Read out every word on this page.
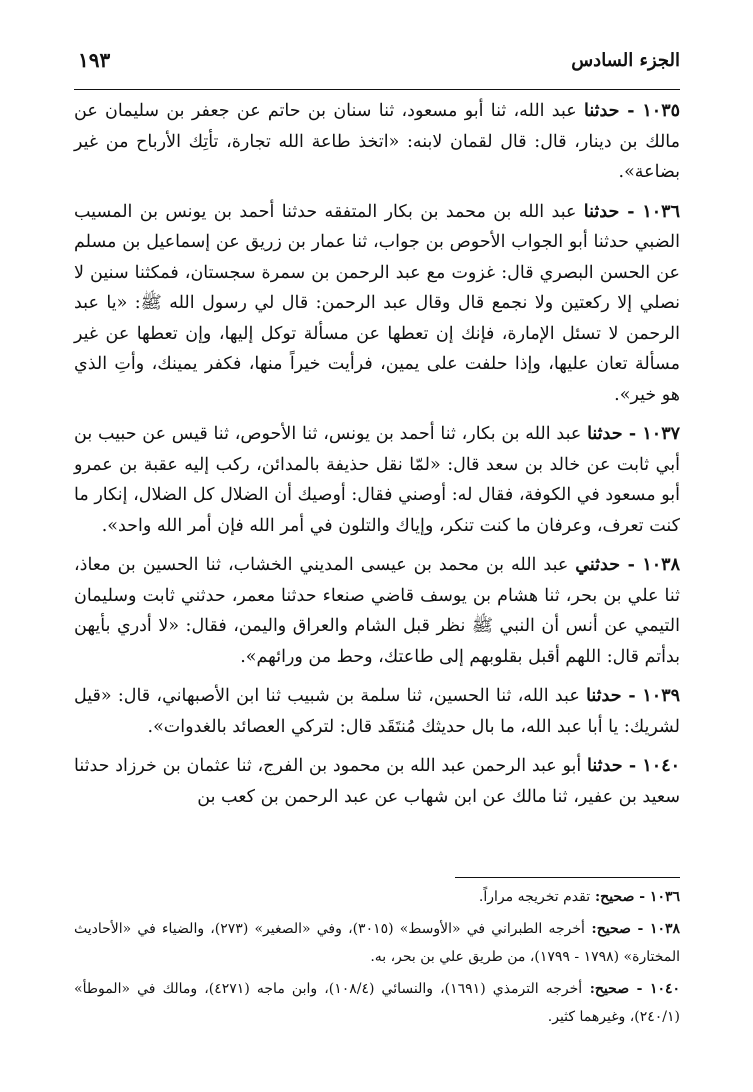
الجزء السادس
١٩٣

١٠٣٥ - حدثنا عبد الله، ثنا أبو مسعود، ثنا سنان بن حاتم عن جعفر بن سليمان عن مالك بن دينار، قال: قال لقمان لابنه: «اتخذ طاعة الله تجارة، تأتِك الأرباح من غير بضاعة».

١٠٣٦ - حدثنا عبد الله بن محمد بن بكار المتفقه حدثنا أحمد بن يونس بن المسيب الضبي حدثنا أبو الجواب الأحوص بن جواب، ثنا عمار بن زريق عن إسماعيل بن مسلم عن الحسن البصري قال: غزوت مع عبد الرحمن بن سمرة سجستان، فمكثنا سنين لا نصلي إلا ركعتين ولا نجمع قال وقال عبد الرحمن: قال لي رسول الله ﷺ: «يا عبد الرحمن لا تسئل الإمارة، فإنك إن تعطها عن مسألة توكل إليها، وإن تعطها عن غير مسألة تعان عليها، وإذا حلفت على يمين، فرأيت خيراً منها، فكفر يمينك، وأتِ الذي هو خير».

١٠٣٧ - حدثنا عبد الله بن بكار، ثنا أحمد بن يونس، ثنا الأحوص، ثنا قيس عن حبيب بن أبي ثابت عن خالد بن سعد قال: «لمّا نقل حذيفة بالمدائن، ركب إليه عقبة بن عمرو أبو مسعود في الكوفة، فقال له: أوصني فقال: أوصيك أن الضلال كل الضلال، إنكار ما كنت تعرف، وعرفان ما كنت تنكر، وإياك والتلون في أمر الله فإن أمر الله واحد».

١٠٣٨ - حدثني عبد الله بن محمد بن عيسى المديني الخشاب، ثنا الحسين بن معاذ، ثنا علي بن بحر، ثنا هشام بن يوسف قاضي صنعاء حدثنا معمر، حدثني ثابت وسليمان التيمي عن أنس أن النبي ﷺ نظر قبل الشام والعراق واليمن، فقال: «لا أدري بأيهن بدأتم قال: اللهم أقبل بقلوبهم إلى طاعتك، وحط من ورائهم».

١٠٣٩ - حدثنا عبد الله، ثنا الحسين، ثنا سلمة بن شبيب ثنا ابن الأصبهاني، قال: «قيل لشريك: يا أبا عبد الله، ما بال حديثك مُنتَقَد قال: لتركي العصائد بالغدوات».

١٠٤٠ - حدثنا أبو عبد الرحمن عبد الله بن محمود بن الفرج، ثنا عثمان بن خرزاد حدثنا سعيد بن عفير، ثنا مالك عن ابن شهاب عن عبد الرحمن بن كعب بن

١٠٣٦ - صحيح: تقدم تخريجه مراراً.

١٠٣٨ - صحيح: أخرجه الطبراني في «الأوسط» (٣٠١٥)، وفي «الصغير» (٢٧٣)، والضياء في «الأحاديث المختارة» (١٧٩٨ - ١٧٩٩)، من طريق علي بن بحر، به.

١٠٤٠ - صحيح: أخرجه الترمذي (١٦٩١)، والنسائي (١٠٨/٤)، وابن ماجه (٤٢٧١)، ومالك في «الموطأ» (٢٤٠/١)، وغيرهما كثير.
